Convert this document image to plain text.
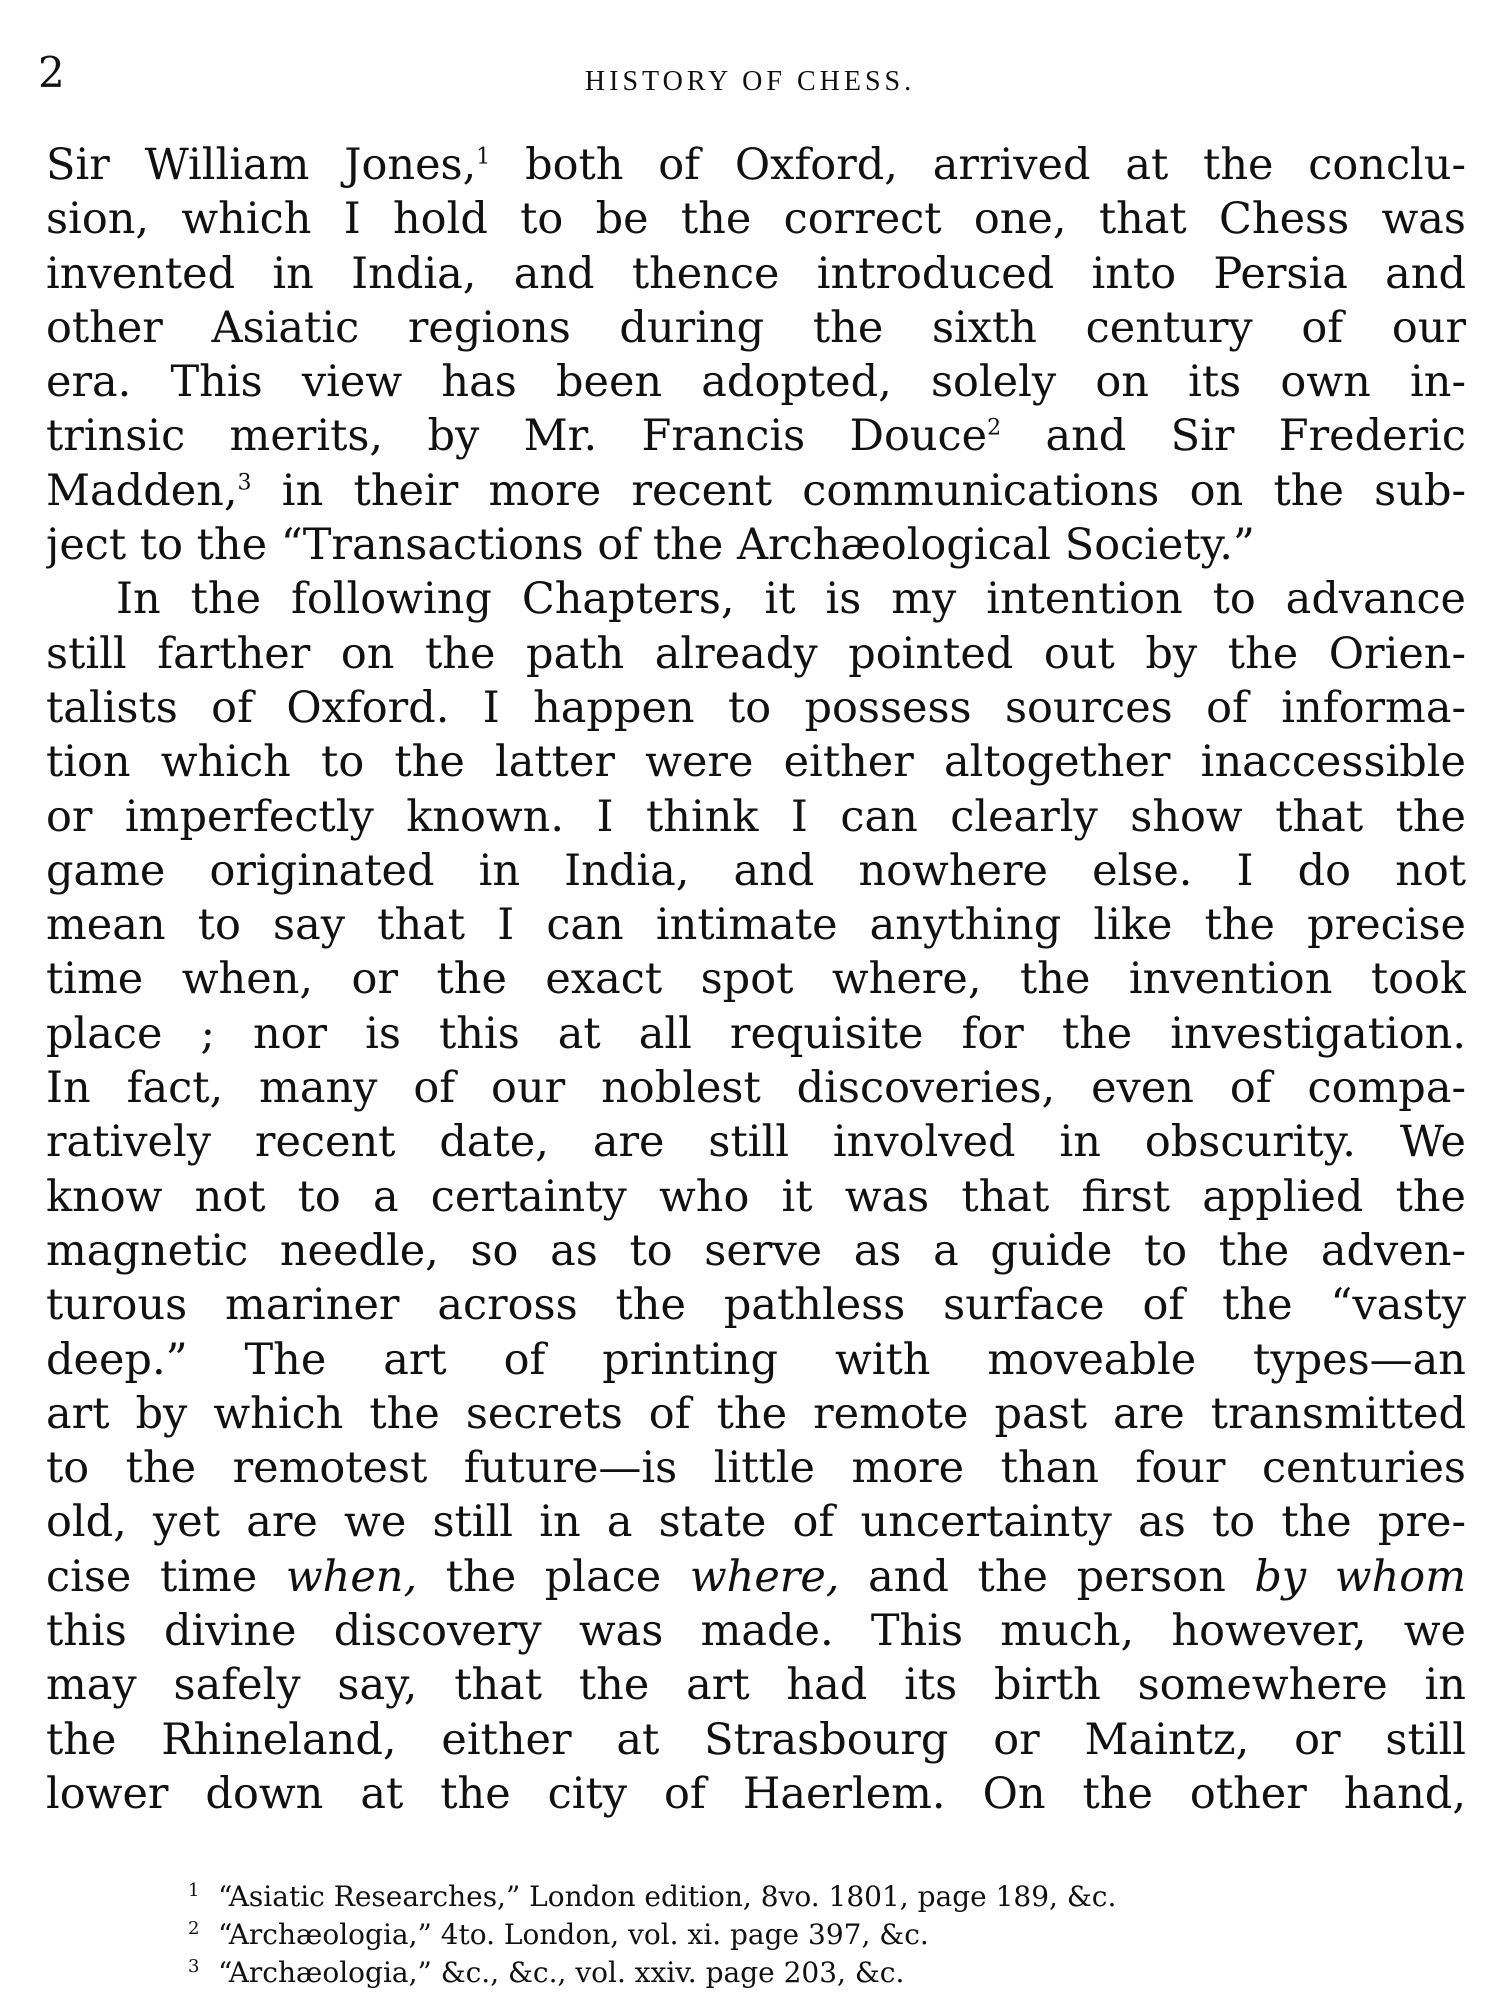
2	HISTORY OF CHESS.
Sir William Jones,$^1$ both of Oxford, arrived at the conclu-
sion, which I hold to be the correct one, that Chess was
invented in India, and thence introduced into Persia and
other Asiatic regions during the sixth century of our
era. This view has been adopted, solely on its own in-
trinsic merits, by Mr. Francis Douce$^2$ and Sir Frederic
Madden,$^3$ in their more recent communications on the sub-
ject to the “Transactions of the Archæological Society.”
In the following Chapters, it is my intention to advance
still farther on the path already pointed out by the Orien-
talists of Oxford. I happen to possess sources of informa-
tion which to the latter were either altogether inaccessible
or imperfectly known. I think I can clearly show that the
game originated in India, and nowhere else. I do not
mean to say that I can intimate anything like the precise
time when, or the exact spot where, the invention took
place ; nor is this at all requisite for the investigation.
In fact, many of our noblest discoveries, even of compa-
ratively recent date, are still involved in obscurity. We
know not to a certainty who it was that first applied the
magnetic needle, so as to serve as a guide to the adven-
turous mariner across the pathless surface of the “vasty
deep.” The art of printing with moveable types—an
art by which the secrets of the remote past are transmitted
to the remotest future—is little more than four centuries
old, yet are we still in a state of uncertainty as to the pre-
cise time when, the place where, and the person by whom
this divine discovery was made. This much, however, we
may safely say, that the art had its birth somewhere in
the Rhineland, either at Strasbourg or Maintz, or still
lower down at the city of Haerlem. On the other hand,
1 “Asiatic Researches,” London edition, 8vo. 1801, page 189, &c.
2 “Archæologia,” 4to. London, vol. xi. page 397, &c.
3 “Archæologia,” &c., &c., vol. xxiv. page 203, &c.
